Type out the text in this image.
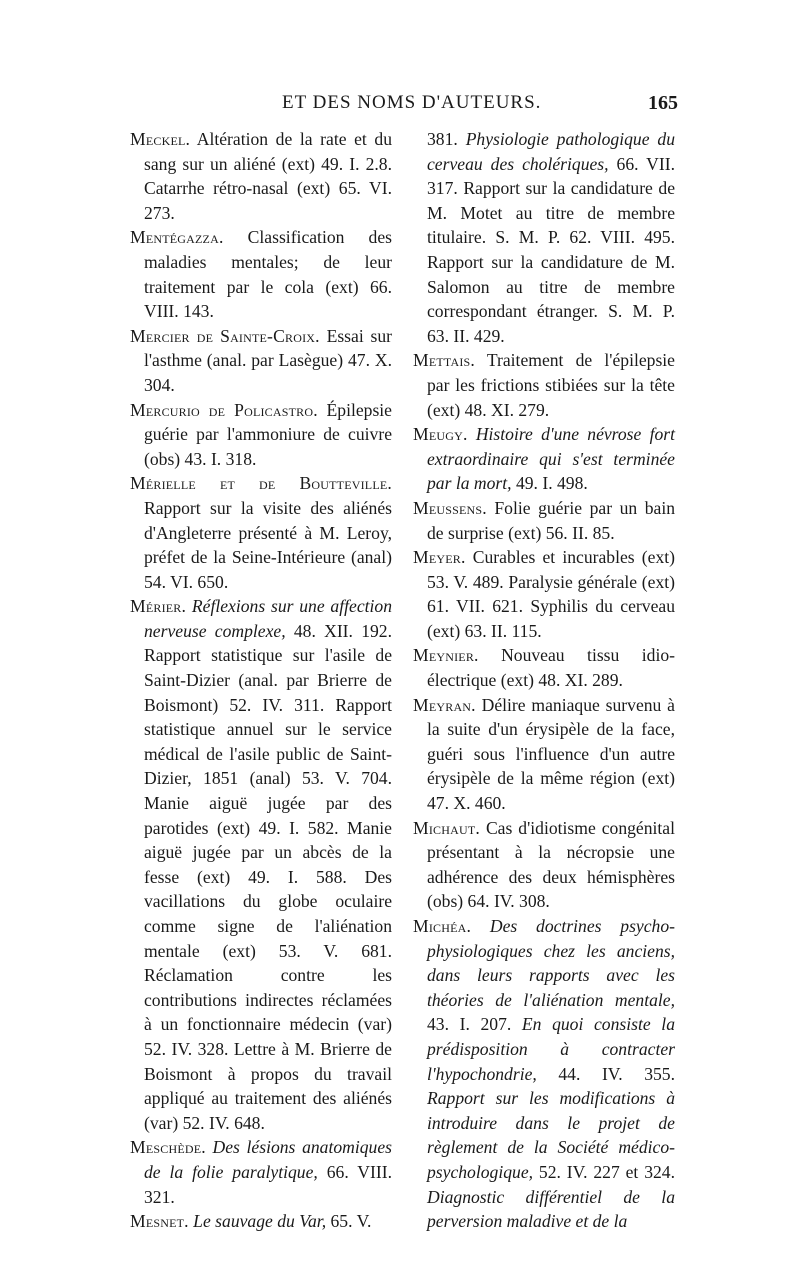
ET DES NOMS D'AUTEURS.	165

Meckel. Altération de la rate et du sang sur un aliéné (ext) 49. I. 2.8. Catarrhe rétro-nasal (ext) 65. VI. 273.

Mentégazza. Classification des maladies mentales; de leur traitement par le cola (ext) 66. VIII. 143.

Mercier de Sainte-Croix. Essai sur l'asthme (anal. par Lasègue) 47. X. 304.

Mercurio de Policastro. Épilepsie guérie par l'ammoniure de cuivre (obs) 43. I. 318.

Mérielle et de Boutteville. Rapport sur la visite des aliénés d'Angleterre présenté à M. Leroy, préfet de la Seine-Intérieure (anal) 54. VI. 650.

Mérier. Réflexions sur une affection nerveuse complexe, 48. XII. 192. Rapport statistique sur l'asile de Saint-Dizier (anal. par Brierre de Boismont) 52. IV. 311. Rapport statistique annuel sur le service médical de l'asile public de Saint-Dizier, 1851 (anal) 53. V. 704. Manie aiguë jugée par des parotides (ext) 49. I. 582. Manie aiguë jugée par un abcès de la fesse (ext) 49. I. 588. Des vacillations du globe oculaire comme signe de l'aliénation mentale (ext) 53. V. 681. Réclamation contre les contributions indirectes réclamées à un fonctionnaire médecin (var) 52. IV. 328. Lettre à M. Brierre de Boismont à propos du travail appliqué au traitement des aliénés (var) 52. IV. 648.

Meschède. Des lésions anatomiques de la folie paralytique, 66. VIII. 321.

Mesnet. Le sauvage du Var, 65. V.

381. Physiologie pathologique du cerveau des cholériques, 66. VII. 317. Rapport sur la candidature de M. Motet au titre de membre titulaire. S. M. P. 62. VIII. 495. Rapport sur la candidature de M. Salomon au titre de membre correspondant étranger. S. M. P. 63. II. 429.

Mettais. Traitement de l'épilepsie par les frictions stibiées sur la tête (ext) 48. XI. 279.

Meugy. Histoire d'une névrose fort extraordinaire qui s'est terminée par la mort, 49. I. 498.

Meussens. Folie guérie par un bain de surprise (ext) 56. II. 85.

Meyer. Curables et incurables (ext) 53. V. 489. Paralysie générale (ext) 61. VII. 621. Syphilis du cerveau (ext) 63. II. 115.

Meynier. Nouveau tissu idio-électrique (ext) 48. XI. 289.

Meyran. Délire maniaque survenu à la suite d'un érysipèle de la face, guéri sous l'influence d'un autre érysipèle de la même région (ext) 47. X. 460.

Michaut. Cas d'idiotisme congénital présentant à la nécropsie une adhérence des deux hémisphères (obs) 64. IV. 308.

Michéa. Des doctrines psycho-physiologiques chez les anciens, dans leurs rapports avec les théories de l'aliénation mentale, 43. I. 207. En quoi consiste la prédisposition à contracter l'hypochondrie, 44. IV. 355. Rapport sur les modifications à introduire dans le projet de règlement de la Société médico-psychologique, 52. IV. 227 et 324. Diagnostic différentiel de la perversion maladive et de la
